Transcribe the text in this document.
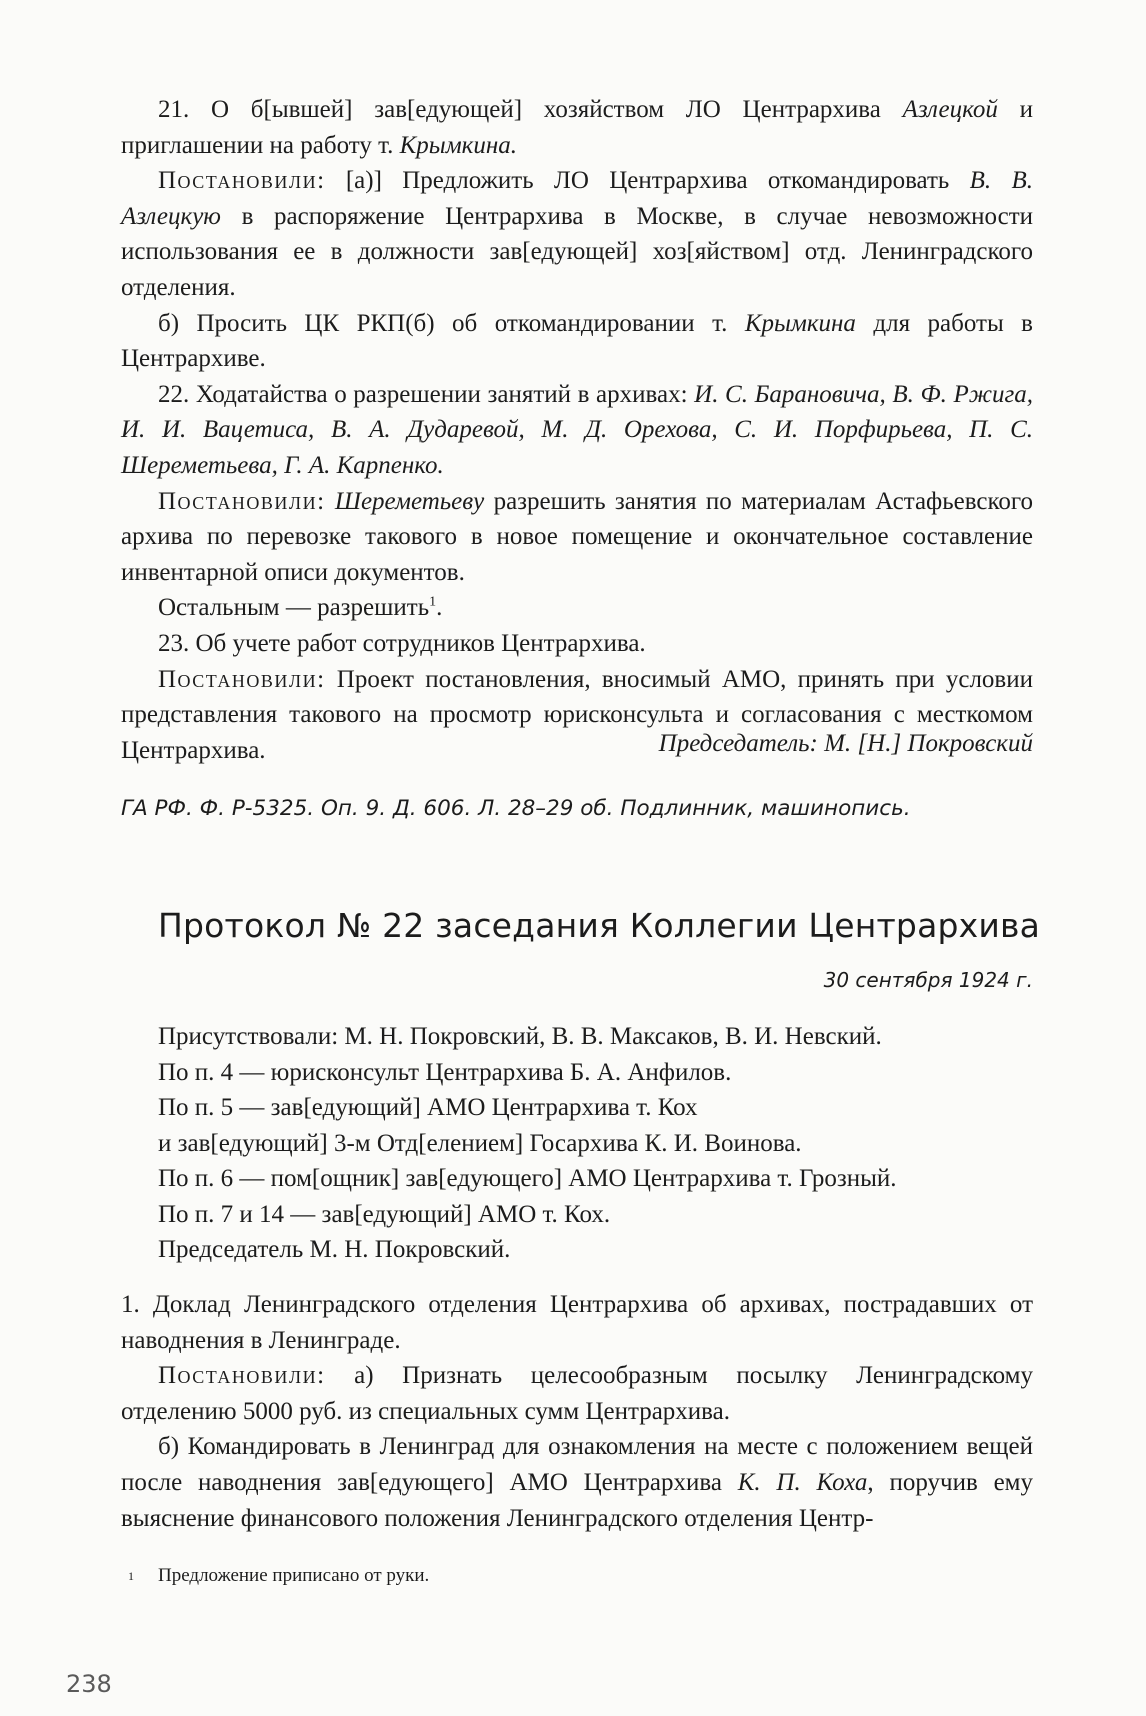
21. О б[ывшей] зав[едующей] хозяйством ЛО Центрархива Азлецкой и приглашении на работу т. Крымкина.

Постановили: [а)] Предложить ЛО Центрархива откомандировать В. В. Азлецкую в распоряжение Центрархива в Москве, в случае невозможности использования ее в должности зав[едующей] хоз[яйством] отд. Ленинградского отделения.

б) Просить ЦК РКП(б) об откомандировании т. Крымкина для работы в Центрархиве.

22. Ходатайства о разрешении занятий в архивах: И. С. Барановича, В. Ф. Ржига, И. И. Вацетиса, В. А. Дударевой, М. Д. Орехова, С. И. Порфирьева, П. С. Шереметьева, Г. А. Карпенко.

Постановили: Шереметьеву разрешить занятия по материалам Астафьевского архива по перевозке такового в новое помещение и окончательное составление инвентарной описи документов.

Остальным — разрешить$^1$.

23. Об учете работ сотрудников Центрархива.

Постановили: Проект постановления, вносимый АМО, принять при условии представления такового на просмотр юрисконсульта и согласования с месткомом Центрархива.	Председатель: М. [Н.] Покровский
ГА РФ. Ф. Р-5325. Оп. 9. Д. 606. Л. 28–29 об. Подлинник, машинопись.
Протокол № 22 заседания Коллегии Центрархива
30 сентября 1924 г.
Присутствовали: М. Н. Покровский, В. В. Максаков, В. И. Невский.
По п. 4 — юрисконсульт Центрархива Б. А. Анфилов.
По п. 5 — зав[едующий] АМО Центрархива т. Кох
и зав[едующий] 3-м Отд[елением] Госархива К. И. Воинова.
По п. 6 — пом[ощник] зав[едующего] АМО Центрархива т. Грозный.
По п. 7 и 14 — зав[едующий] АМО т. Кох.
Председатель М. Н. Покровский.

1. Доклад Ленинградского отделения Центрархива об архивах, пострадавших от наводнения в Ленинграде.

Постановили: а) Признать целесообразным посылку Ленинградскому отделению 5000 руб. из специальных сумм Центрархива.

б) Командировать в Ленинград для ознакомления на месте с положением вещей после наводнения зав[едующего] АМО Центрархива К. П. Коха, поручив ему выяснение финансового положения Ленинградского отделения Центр-

$^1$ Предложение приписано от руки.
238
